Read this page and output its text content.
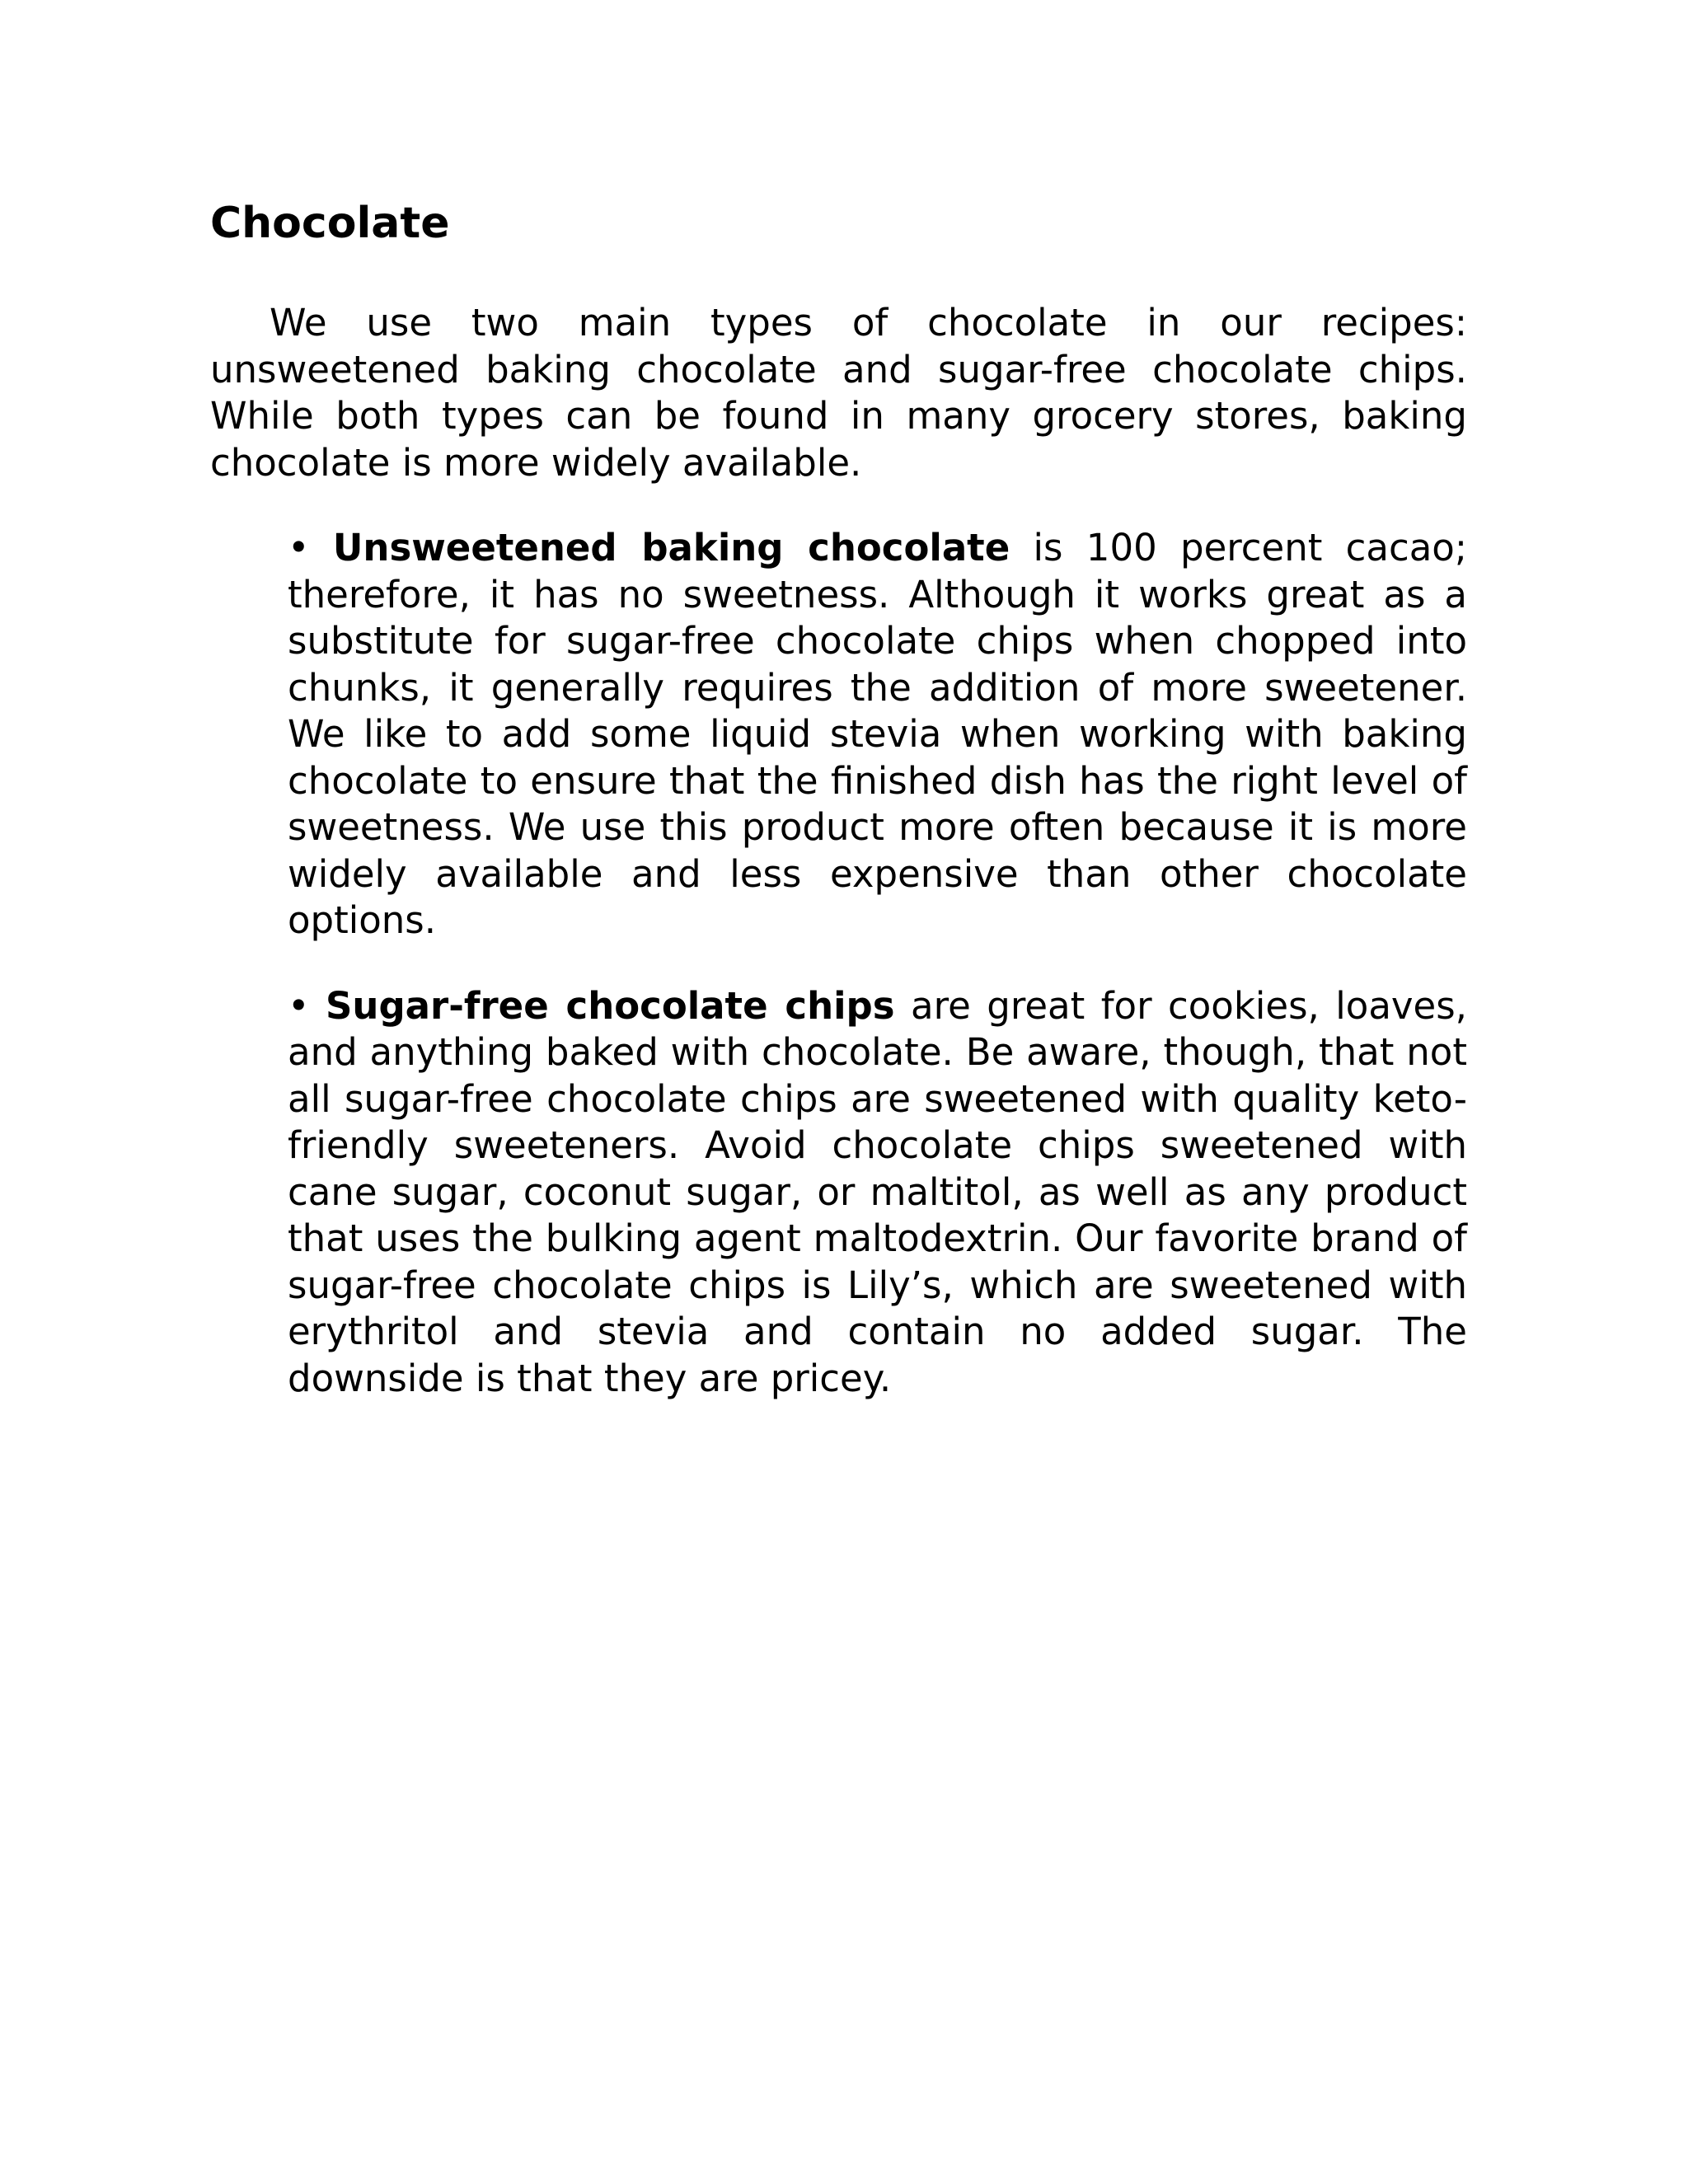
Chocolate

We use two main types of chocolate in our recipes: unsweetened baking chocolate and sugar-free chocolate chips. While both types can be found in many grocery stores, baking chocolate is more widely available.

• Unsweetened baking chocolate is 100 percent cacao; therefore, it has no sweetness. Although it works great as a substitute for sugar-free chocolate chips when chopped into chunks, it generally requires the addition of more sweetener. We like to add some liquid stevia when working with baking chocolate to ensure that the finished dish has the right level of sweetness. We use this product more often because it is more widely available and less expensive than other chocolate options.
• Sugar-free chocolate chips are great for cookies, loaves, and anything baked with chocolate. Be aware, though, that not all sugar-free chocolate chips are sweetened with quality keto-friendly sweeteners. Avoid chocolate chips sweetened with cane sugar, coconut sugar, or maltitol, as well as any product that uses the bulking agent maltodextrin. Our favorite brand of sugar-free chocolate chips is Lily’s, which are sweetened with erythritol and stevia and contain no added sugar. The downside is that they are pricey.
